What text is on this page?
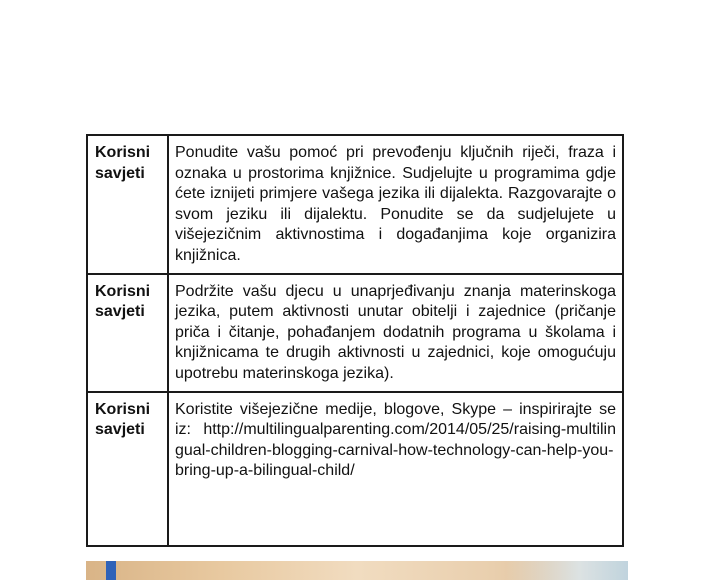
Korisni
savjeti	Ponudite vašu pomoć pri prevođenju ključnih riječi, fraza i oznaka u prostorima knjižnice. Sudjelujte u programima gdje ćete iznijeti primjere vašega jezika ili dijalekta. Razgovarajte o svom jeziku ili dijalektu. Ponudite se da sudjelujete u višejezičnim aktivnostima i događanjima koje organizira knjižnica.
Korisni
savjeti	Podržite vašu djecu u unaprjeđivanju znanja materinskoga jezika, putem aktivnosti unutar obitelji i zajednice (pričanje priča i čitanje, pohađanjem dodatnih programa u školama i knjižnicama te drugih aktivnosti u zajednici, koje omogućuju upotrebu materinskoga jezika).
Korisni
savjeti	Koristite višejezične medije, blogove, Skype – inspirirajte se iz: http://multilingualparenting.com/2014/05/25/raising-multilingual-children-blogging-carnival-how-technology-can-help-you-bring-up-a-bilingual-child/
